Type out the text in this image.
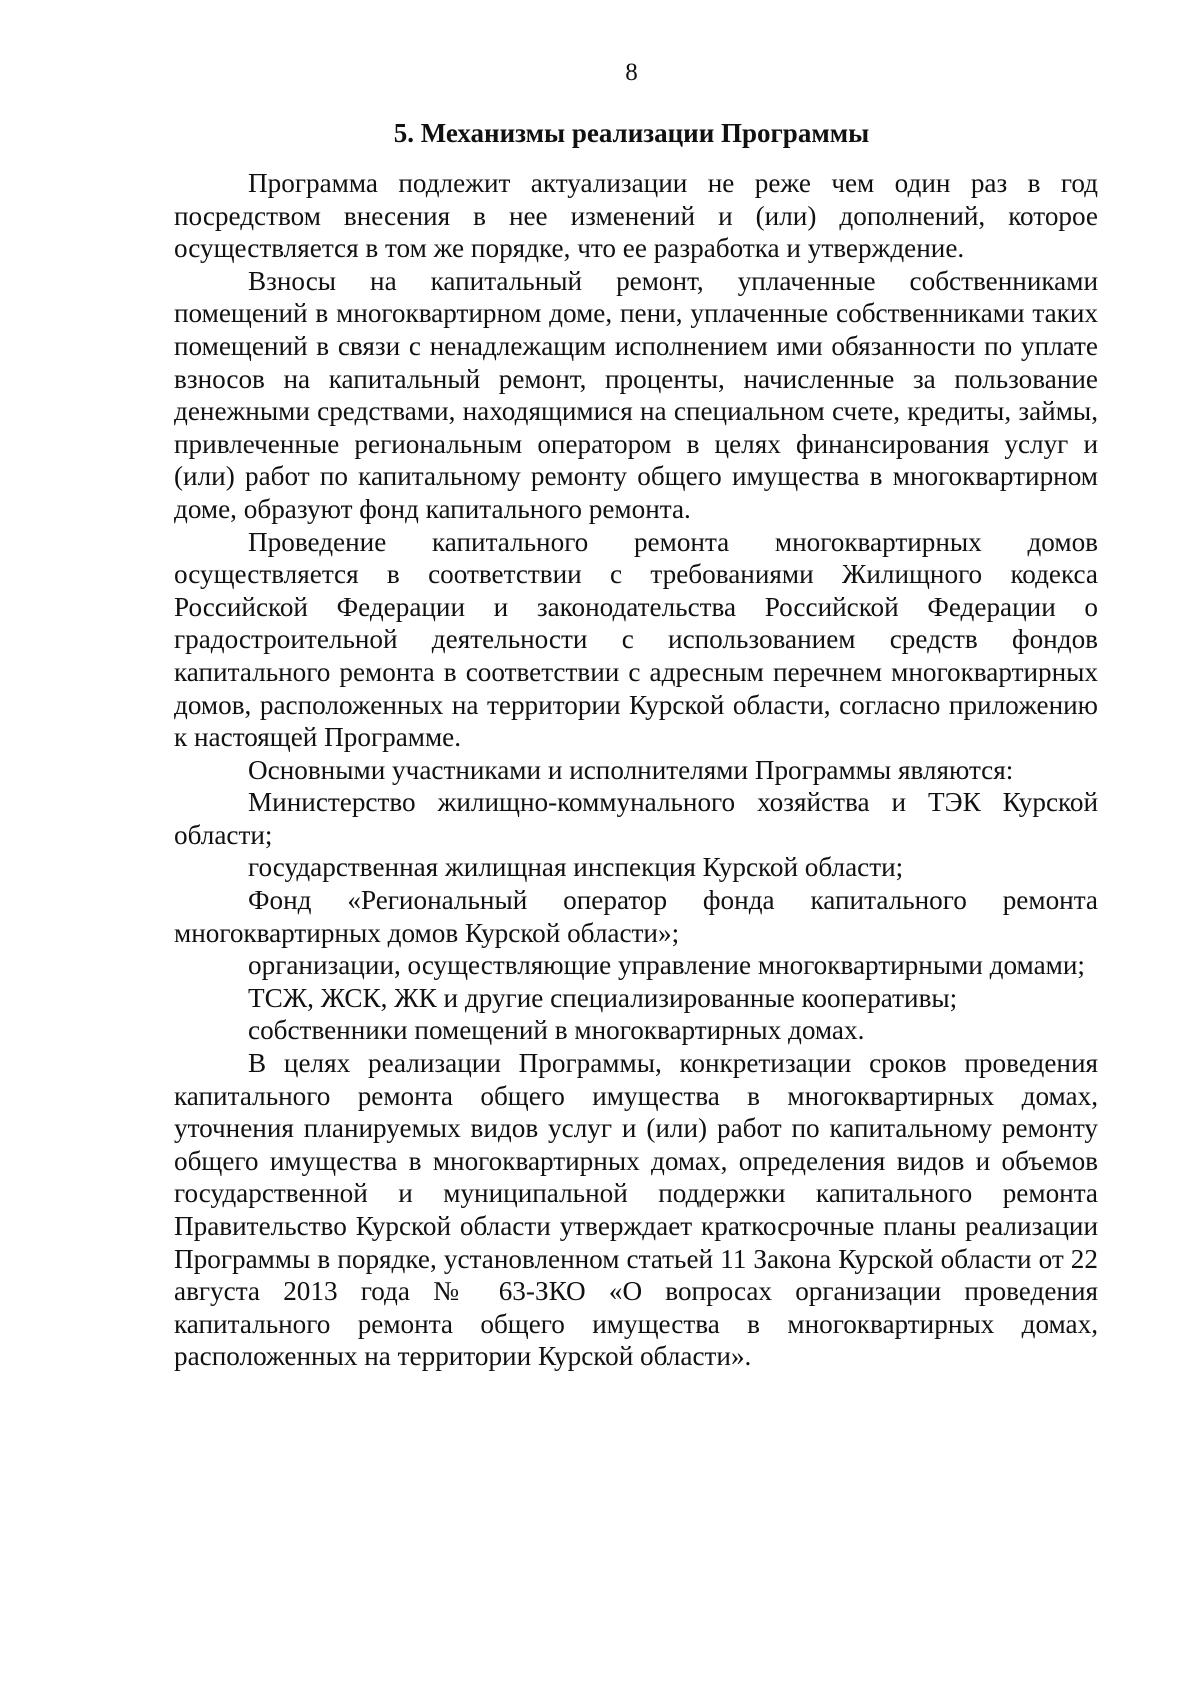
8
5. Механизмы реализации Программы

Программа подлежит актуализации не реже чем один раз в год посредством внесения в нее изменений и (или) дополнений, которое осуществляется в том же порядке, что ее разработка и утверждение.

Взносы на капитальный ремонт, уплаченные собственниками помещений в многоквартирном доме, пени, уплаченные собственниками таких помещений в связи с ненадлежащим исполнением ими обязанности по уплате взносов на капитальный ремонт, проценты, начисленные за пользование денежными средствами, находящимися на специальном счете, кредиты, займы, привлеченные региональным оператором в целях финансирования услуг и (или) работ по капитальному ремонту общего имущества в многоквартирном доме, образуют фонд капитального ремонта.

Проведение капитального ремонта многоквартирных домов осуществляется в соответствии с требованиями Жилищного кодекса Российской Федерации и законодательства Российской Федерации о градостроительной деятельности с использованием средств фондов капитального ремонта в соответствии с адресным перечнем многоквартирных домов, расположенных на территории Курской области, согласно приложению к настоящей Программе.

Основными участниками и исполнителями Программы являются:

Министерство жилищно-коммунального хозяйства и ТЭК Курской области;

государственная жилищная инспекция Курской области;

Фонд «Региональный оператор фонда капитального ремонта многоквартирных домов Курской области»;

организации, осуществляющие управление многоквартирными домами;

ТСЖ, ЖСК, ЖК и другие специализированные кооперативы;

собственники помещений в многоквартирных домах.

В целях реализации Программы, конкретизации сроков проведения капитального ремонта общего имущества в многоквартирных домах, уточнения планируемых видов услуг и (или) работ по капитальному ремонту общего имущества в многоквартирных домах, определения видов и объемов государственной и муниципальной поддержки капитального ремонта Правительство Курской области утверждает краткосрочные планы реализации Программы в порядке, установленном статьей 11 Закона Курской области от 22 августа 2013 года № 63-ЗКО «О вопросах организации проведения капитального ремонта общего имущества в многоквартирных домах, расположенных на территории Курской области».
